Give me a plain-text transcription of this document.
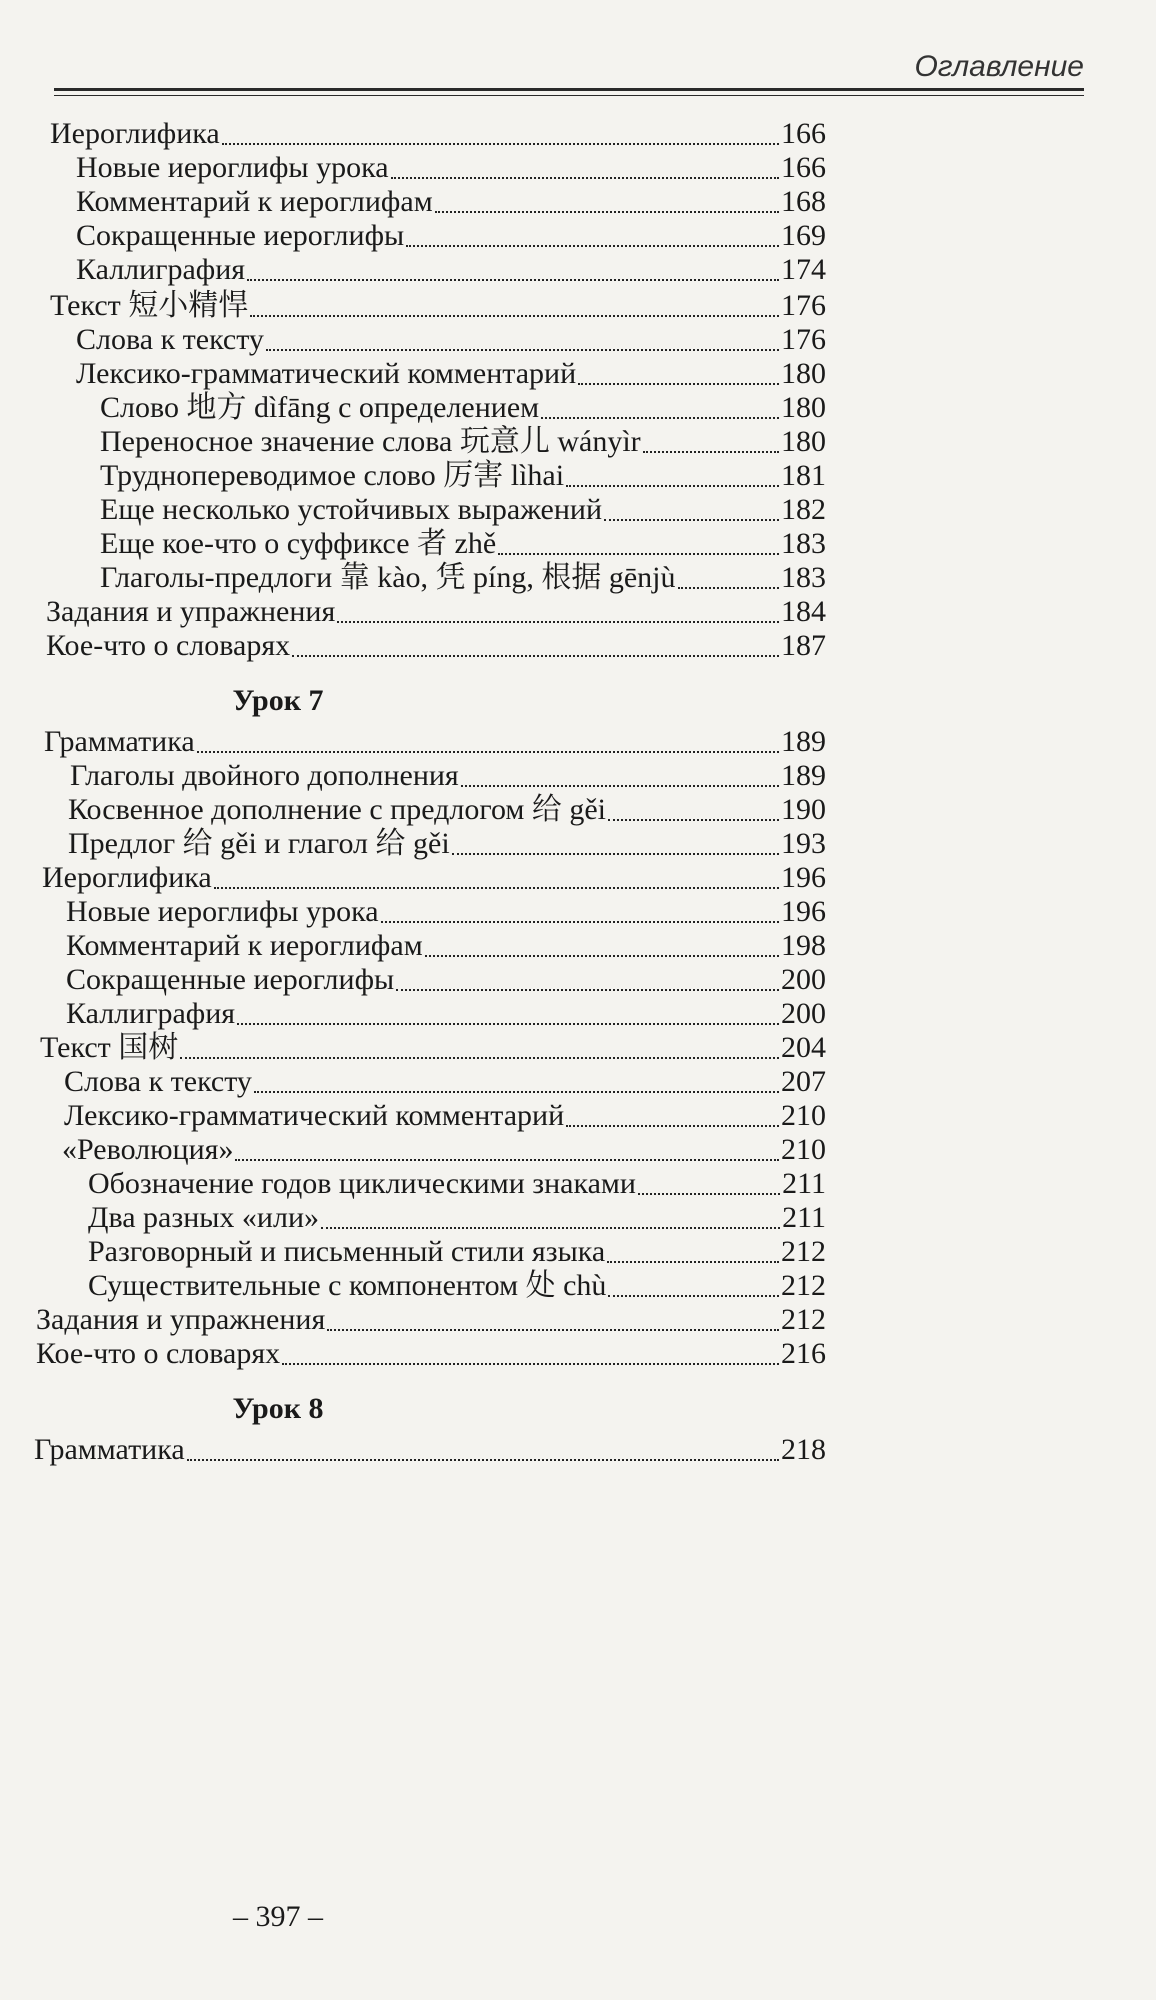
Оглавление
Иероглифика	166
Новые иероглифы урока	166
Комментарий к иероглифам	168
Сокращенные иероглифы	169
Каллиграфия	174
Текст 短小精悍	176
Слова к тексту	176
Лексико-грамматический комментарий	180
Слово 地方 dìfāng с определением	180
Переносное значение слова 玩意儿 wányìr	180
Труднопереводимое слово 厉害 lìhai	181
Еще несколько устойчивых выражений	182
Еще кое-что о суффиксе 者 zhě	183
Глаголы-предлоги 靠 kào, 凭 píng, 根据 gēnjù	183
Задания и упражнения	184
Кое-что о словарях	187
Урок 7
Грамматика	189
Глаголы двойного дополнения	189
Косвенное дополнение с предлогом 给 gěi	190
Предлог 给 gěi и глагол 给 gěi	193
Иероглифика	196
Новые иероглифы урока	196
Комментарий к иероглифам	198
Сокращенные иероглифы	200
Каллиграфия	200
Текст 国树	204
Слова к тексту	207
Лексико-грамматический комментарий	210
«Революция»	210
Обозначение годов циклическими знаками	211
Два разных «или»	211
Разговорный и письменный стили языка	212
Существительные с компонентом 处 chù	212
Задания и упражнения	212
Кое-что о словарях	216
Урок 8
Грамматика	218
– 397 –
